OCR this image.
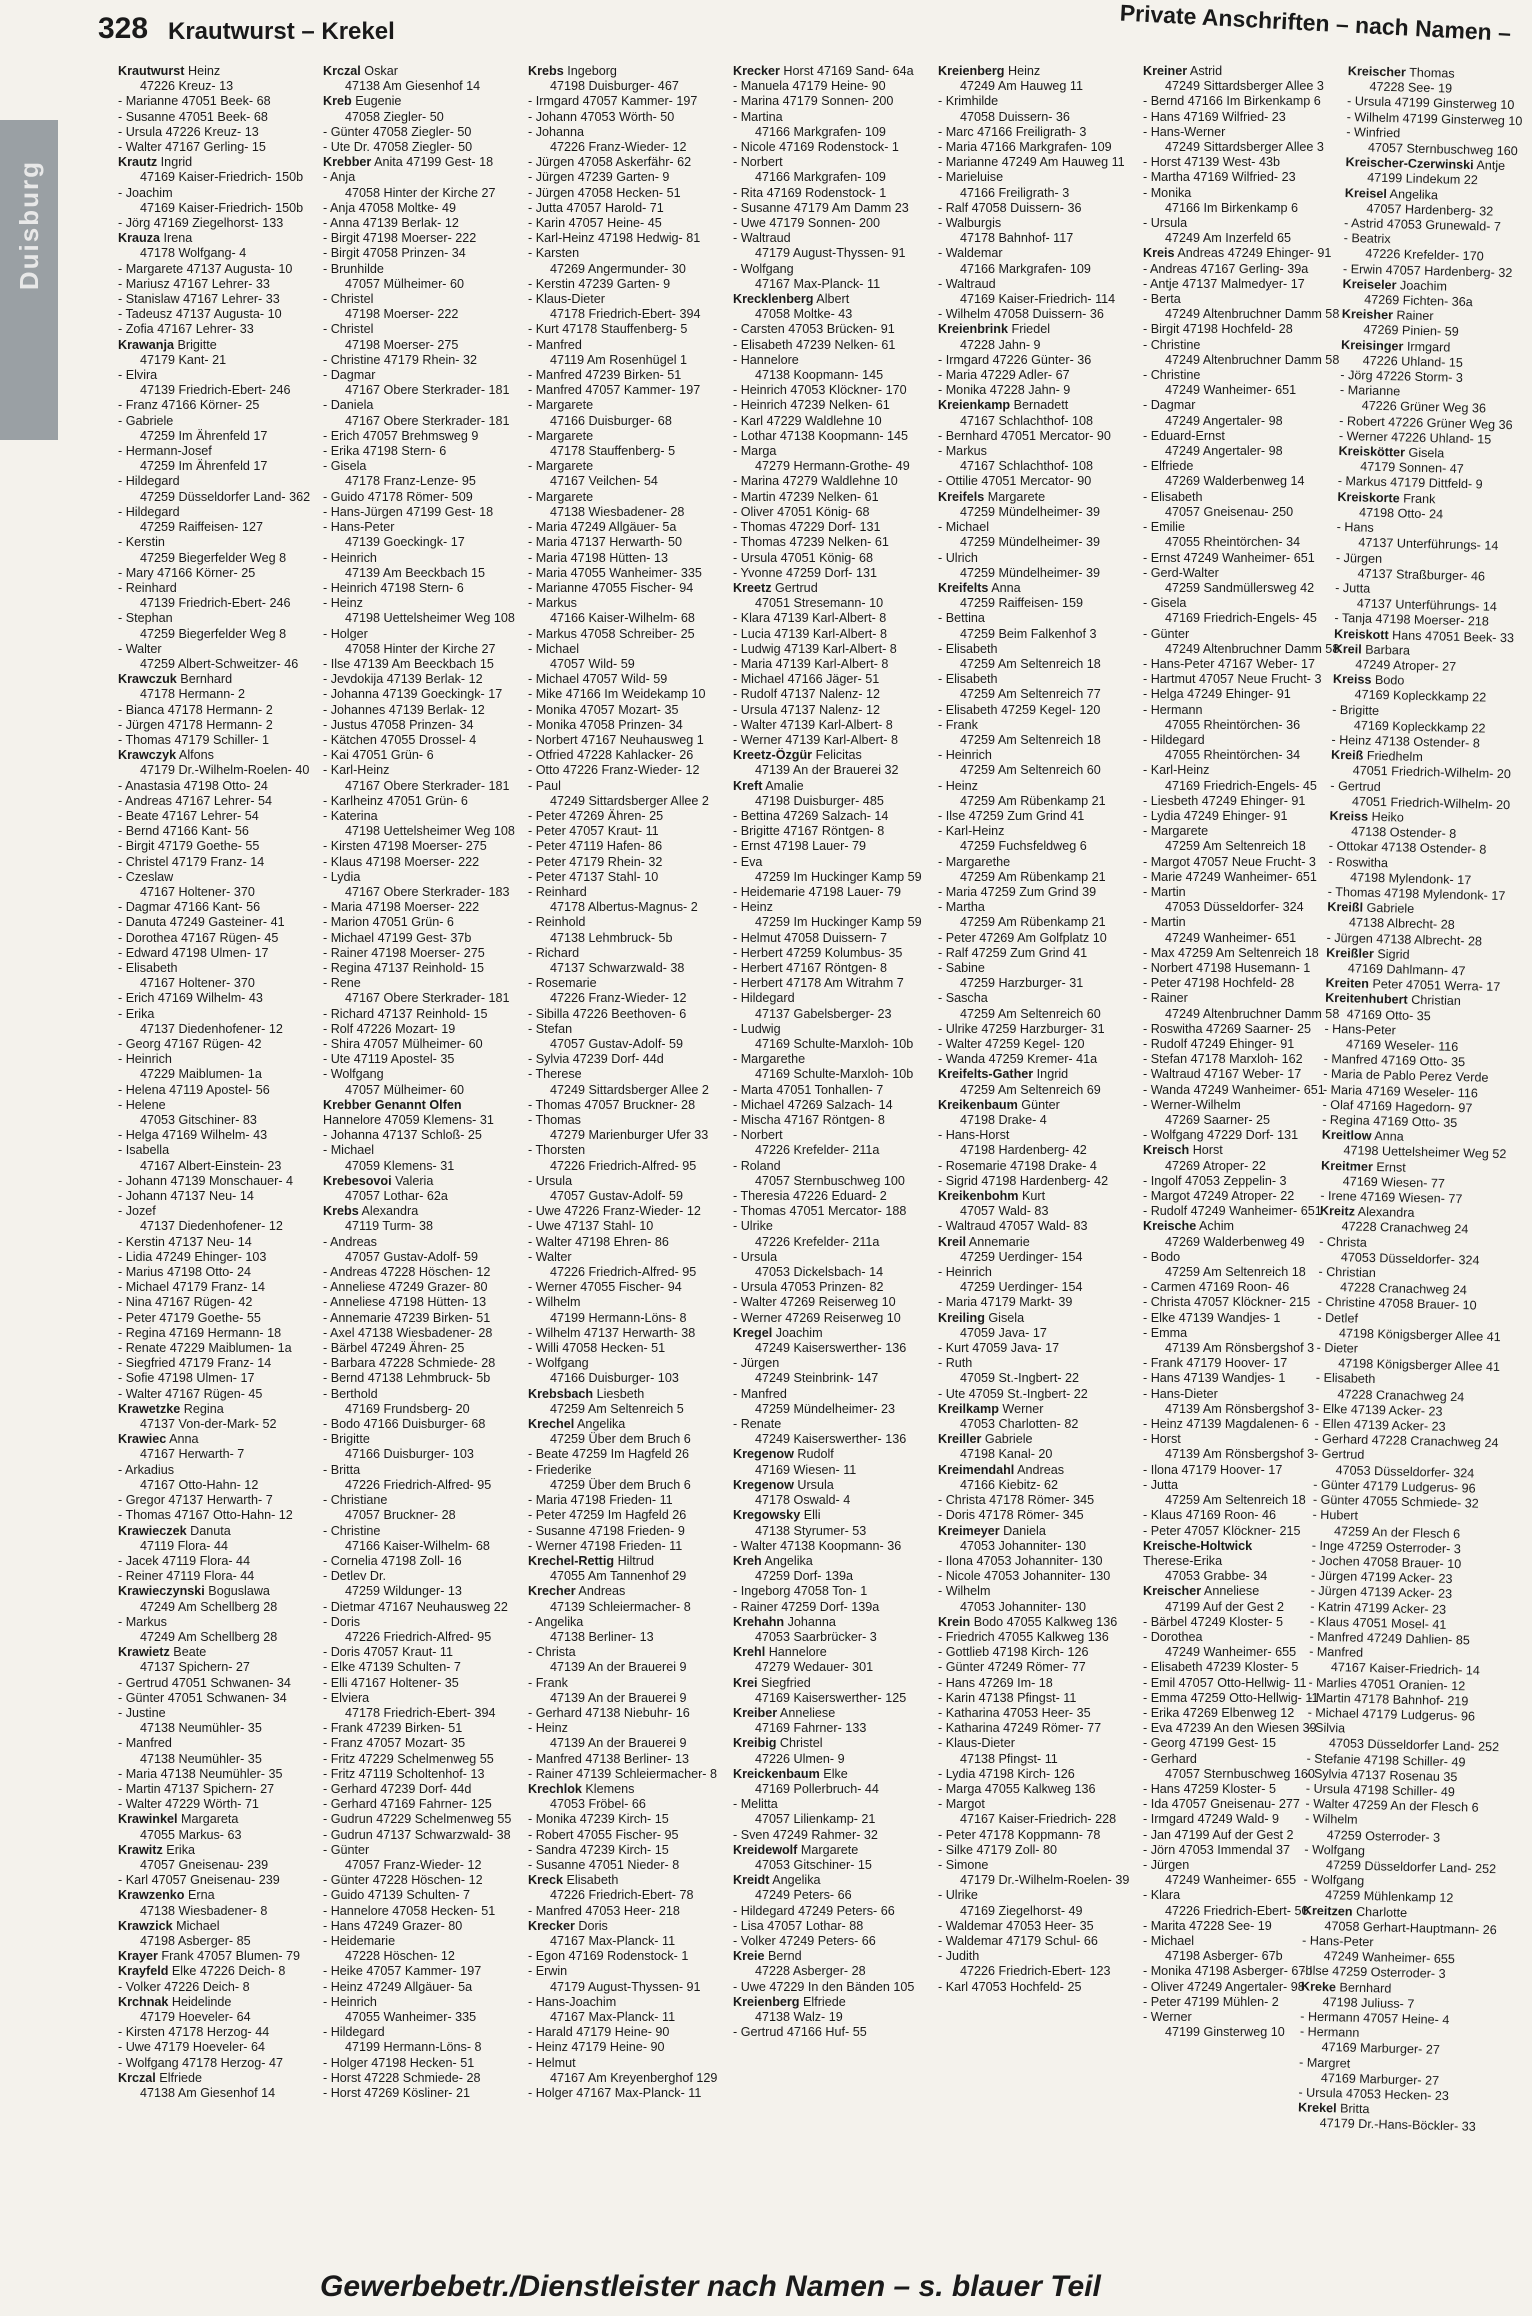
328 Krautwurst – Krekel	Private Anschriften – nach Namen –
Duisburg
Krautwurst Heinz
47226 Kreuz- 13
- Marianne 47051 Beek- 68
- Susanne 47051 Beek- 68
- Ursula 47226 Kreuz- 13
- Walter 47167 Gerling- 15
Krautz Ingrid
47169 Kaiser-Friedrich- 150b
- Joachim
47169 Kaiser-Friedrich- 150b
- Jörg 47169 Ziegelhorst- 133
Krauza Irena
47178 Wolfgang- 4
- Margarete 47137 Augusta- 10
- Mariusz 47167 Lehrer- 33
- Stanislaw 47167 Lehrer- 33
- Tadeusz 47137 Augusta- 10
- Zofia 47167 Lehrer- 33
Krawanja Brigitte
47179 Kant- 21
- Elvira
47139 Friedrich-Ebert- 246
- Franz 47166 Körner- 25
- Gabriele
47259 Im Ährenfeld 17
- Hermann-Josef
47259 Im Ährenfeld 17
- Hildegard
47259 Düsseldorfer Land- 362
- Hildegard
47259 Raiffeisen- 127
- Kerstin
47259 Biegerfelder Weg 8
- Mary 47166 Körner- 25
- Reinhard
47139 Friedrich-Ebert- 246
- Stephan
47259 Biegerfelder Weg 8
- Walter
47259 Albert-Schweitzer- 46
Krawczuk Bernhard
47178 Hermann- 2
- Bianca 47178 Hermann- 2
- Jürgen 47178 Hermann- 2
- Thomas 47179 Schiller- 1
Krawczyk Alfons
47179 Dr.-Wilhelm-Roelen- 40
- Anastasia 47198 Otto- 24
- Andreas 47167 Lehrer- 54
- Beate 47167 Lehrer- 54
- Bernd 47166 Kant- 56
- Birgit 47179 Goethe- 55
- Christel 47179 Franz- 14
- Czeslaw
47167 Holtener- 370
- Dagmar 47166 Kant- 56
- Danuta 47249 Gasteiner- 41
- Dorothea 47167 Rügen- 45
- Edward 47198 Ulmen- 17
- Elisabeth
47167 Holtener- 370
- Erich 47169 Wilhelm- 43
- Erika
47137 Diedenhofener- 12
- Georg 47167 Rügen- 42
- Heinrich
47229 Maiblumen- 1a
- Helena 47119 Apostel- 56
- Helene
47053 Gitschiner- 83
- Helga 47169 Wilhelm- 43
- Isabella
47167 Albert-Einstein- 23
- Johann 47139 Monschauer- 4
- Johann 47137 Neu- 14
- Jozef
47137 Diedenhofener- 12
- Kerstin 47137 Neu- 14
- Lidia 47249 Ehinger- 103
- Marius 47198 Otto- 24
- Michael 47179 Franz- 14
- Nina 47167 Rügen- 42
- Peter 47179 Goethe- 55
- Regina 47169 Hermann- 18
- Renate 47229 Maiblumen- 1a
- Siegfried 47179 Franz- 14
- Sofie 47198 Ulmen- 17
- Walter 47167 Rügen- 45
Krawetzke Regina
47137 Von-der-Mark- 52
Krawiec Anna
47167 Herwarth- 7
- Arkadius
47167 Otto-Hahn- 12
- Gregor 47137 Herwarth- 7
- Thomas 47167 Otto-Hahn- 12
Krawieczek Danuta
47119 Flora- 44
- Jacek 47119 Flora- 44
- Reiner 47119 Flora- 44
Krawieczynski Boguslawa
47249 Am Schellberg 28
- Markus
47249 Am Schellberg 28
Krawietz Beate
47137 Spichern- 27
- Gertrud 47051 Schwanen- 34
- Günter 47051 Schwanen- 34
- Justine
47138 Neumühler- 35
- Manfred
47138 Neumühler- 35
- Maria 47138 Neumühler- 35
- Martin 47137 Spichern- 27
- Walter 47229 Wörth- 71
Krawinkel Margareta
47055 Markus- 63
Krawitz Erika
47057 Gneisenau- 239
- Karl 47057 Gneisenau- 239
Krawzenko Erna
47138 Wiesbadener- 8
Krawzick Michael
47198 Asberger- 85
Krayer Frank 47057 Blumen- 79
Krayfeld Elke 47226 Deich- 8
- Volker 47226 Deich- 8
Krchnak Heidelinde
47179 Hoeveler- 64
- Kirsten 47178 Herzog- 44
- Uwe 47179 Hoeveler- 64
- Wolfgang 47178 Herzog- 47
Krczal Elfriede
47138 Am Giesenhof 14
Krczal Oskar
47138 Am Giesenhof 14
Kreb Eugenie
47058 Ziegler- 50
- Günter 47058 Ziegler- 50
- Ute Dr. 47058 Ziegler- 50
Krebber Anita 47199 Gest- 18
- Anja
47058 Hinter der Kirche 27
- Anja 47058 Moltke- 49
- Anna 47139 Berlak- 12
- Birgit 47198 Moerser- 222
- Birgit 47058 Prinzen- 34
- Brunhilde
47057 Mülheimer- 60
- Christel
47198 Moerser- 222
- Christel
47198 Moerser- 275
- Christine 47179 Rhein- 32
- Dagmar
47167 Obere Sterkrader- 181
- Daniela
47167 Obere Sterkrader- 181
- Erich 47057 Brehmsweg 9
- Erika 47198 Stern- 6
- Gisela
47178 Franz-Lenze- 95
- Guido 47178 Römer- 509
- Hans-Jürgen 47199 Gest- 18
- Hans-Peter
47139 Goeckingk- 17
- Heinrich
47139 Am Beeckbach 15
- Heinrich 47198 Stern- 6
- Heinz
47198 Uettelsheimer Weg 108
- Holger
47058 Hinter der Kirche 27
- Ilse 47139 Am Beeckbach 15
- Jevdokija 47139 Berlak- 12
- Johanna 47139 Goeckingk- 17
- Johannes 47139 Berlak- 12
- Justus 47058 Prinzen- 34
- Kätchen 47055 Drossel- 4
- Kai 47051 Grün- 6
- Karl-Heinz
47167 Obere Sterkrader- 181
- Karlheinz 47051 Grün- 6
- Katerina
47198 Uettelsheimer Weg 108
- Kirsten 47198 Moerser- 275
- Klaus 47198 Moerser- 222
- Lydia
47167 Obere Sterkrader- 183
- Maria 47198 Moerser- 222
- Marion 47051 Grün- 6
- Michael 47199 Gest- 37b
- Rainer 47198 Moerser- 275
- Regina 47137 Reinhold- 15
- Rene
47167 Obere Sterkrader- 181
- Richard 47137 Reinhold- 15
- Rolf 47226 Mozart- 19
- Shira 47057 Mülheimer- 60
- Ute 47119 Apostel- 35
- Wolfgang
47057 Mülheimer- 60
Krebber Genannt Olfen
Hannelore 47059 Klemens- 31
- Johanna 47137 Schloß- 25
- Michael
47059 Klemens- 31
Krebesovoi Valeria
47057 Lothar- 62a
Krebs Alexandra
47119 Turm- 38
- Andreas
47057 Gustav-Adolf- 59
- Andreas 47228 Höschen- 12
- Anneliese 47249 Grazer- 80
- Anneliese 47198 Hütten- 13
- Annemarie 47239 Birken- 51
- Axel 47138 Wiesbadener- 28
- Bärbel 47249 Ähren- 25
- Barbara 47228 Schmiede- 28
- Bernd 47138 Lehmbruck- 5b
- Berthold
47169 Frundsberg- 20
- Bodo 47166 Duisburger- 68
- Brigitte
47166 Duisburger- 103
- Britta
47226 Friedrich-Alfred- 95
- Christiane
47057 Bruckner- 28
- Christine
47166 Kaiser-Wilhelm- 68
- Cornelia 47198 Zoll- 16
- Detlev Dr.
47259 Wildunger- 13
- Dietmar 47167 Neuhausweg 22
- Doris
47226 Friedrich-Alfred- 95
- Doris 47057 Kraut- 11
- Elke 47139 Schulten- 7
- Elli 47167 Holtener- 35
- Elviera
47178 Friedrich-Ebert- 394
- Frank 47239 Birken- 51
- Franz 47057 Mozart- 35
- Fritz 47229 Schelmenweg 55
- Fritz 47119 Scholtenhof- 13
- Gerhard 47239 Dorf- 44d
- Gerhard 47169 Fahrner- 125
- Gudrun 47229 Schelmenweg 55
- Gudrun 47137 Schwarzwald- 38
- Günter
47057 Franz-Wieder- 12
- Günter 47228 Höschen- 12
- Guido 47139 Schulten- 7
- Hannelore 47058 Hecken- 51
- Hans 47249 Grazer- 80
- Heidemarie
47228 Höschen- 12
- Heike 47057 Kammer- 197
- Heinz 47249 Allgäuer- 5a
- Heinrich
47055 Wanheimer- 335
- Hildegard
47199 Hermann-Löns- 8
- Holger 47198 Hecken- 51
- Horst 47228 Schmiede- 28
- Horst 47269 Kösliner- 21
Krebs Ingeborg
47198 Duisburger- 467
- Irmgard 47057 Kammer- 197
- Johann 47053 Wörth- 50
- Johanna
47226 Franz-Wieder- 12
- Jürgen 47058 Askerfähr- 62
- Jürgen 47239 Garten- 9
- Jürgen 47058 Hecken- 51
- Jutta 47057 Harold- 71
- Karin 47057 Heine- 45
- Karl-Heinz 47198 Hedwig- 81
- Karsten
47269 Angermunder- 30
- Kerstin 47239 Garten- 9
- Klaus-Dieter
47178 Friedrich-Ebert- 394
- Kurt 47178 Stauffenberg- 5
- Manfred
47119 Am Rosenhügel 1
- Manfred 47239 Birken- 51
- Manfred 47057 Kammer- 197
- Margarete
47166 Duisburger- 68
- Margarete
47178 Stauffenberg- 5
- Margarete
47167 Veilchen- 54
- Margarete
47138 Wiesbadener- 28
- Maria 47249 Allgäuer- 5a
- Maria 47137 Herwarth- 50
- Maria 47198 Hütten- 13
- Maria 47055 Wanheimer- 335
- Marianne 47055 Fischer- 94
- Markus
47166 Kaiser-Wilhelm- 68
- Markus 47058 Schreiber- 25
- Michael
47057 Wild- 59
- Michael 47057 Wild- 59
- Mike 47166 Im Weidekamp 10
- Monika 47057 Mozart- 35
- Monika 47058 Prinzen- 34
- Norbert 47167 Neuhausweg 1
- Otfried 47228 Kahlacker- 26
- Otto 47226 Franz-Wieder- 12
- Paul
47249 Sittardsberger Allee 2
- Peter 47269 Ähren- 25
- Peter 47057 Kraut- 11
- Peter 47119 Hafen- 86
- Peter 47179 Rhein- 32
- Peter 47137 Stahl- 10
- Reinhard
47178 Albertus-Magnus- 2
- Reinhold
47138 Lehmbruck- 5b
- Richard
47137 Schwarzwald- 38
- Rosemarie
47226 Franz-Wieder- 12
- Sibilla 47226 Beethoven- 6
- Stefan
47057 Gustav-Adolf- 59
- Sylvia 47239 Dorf- 44d
- Therese
47249 Sittardsberger Allee 2
- Thomas 47057 Bruckner- 28
- Thomas
47279 Marienburger Ufer 33
- Thorsten
47226 Friedrich-Alfred- 95
- Ursula
47057 Gustav-Adolf- 59
- Uwe 47226 Franz-Wieder- 12
- Uwe 47137 Stahl- 10
- Walter 47198 Ehren- 86
- Walter
47226 Friedrich-Alfred- 95
- Werner 47055 Fischer- 94
- Wilhelm
47199 Hermann-Löns- 8
- Wilhelm 47137 Herwarth- 38
- Willi 47058 Hecken- 51
- Wolfgang
47166 Duisburger- 103
Krebsbach Liesbeth
47259 Am Seltenreich 5
Krechel Angelika
47259 Über dem Bruch 6
- Beate 47259 Im Hagfeld 26
- Friederike
47259 Über dem Bruch 6
- Maria 47198 Frieden- 11
- Peter 47259 Im Hagfeld 26
- Susanne 47198 Frieden- 9
- Werner 47198 Frieden- 11
Krechel-Rettig Hiltrud
47055 Am Tannenhof 29
Krecher Andreas
47139 Schleiermacher- 8
- Angelika
47138 Berliner- 13
- Christa
47139 An der Brauerei 9
- Frank
47139 An der Brauerei 9
- Gerhard 47138 Niebuhr- 16
- Heinz
47139 An der Brauerei 9
- Manfred 47138 Berliner- 13
- Rainer 47139 Schleiermacher- 8
Krechlok Klemens
47053 Fröbel- 66
- Monika 47239 Kirch- 15
- Robert 47055 Fischer- 95
- Sandra 47239 Kirch- 15
- Susanne 47051 Nieder- 8
Kreck Elisabeth
47226 Friedrich-Ebert- 78
- Manfred 47053 Heer- 218
Krecker Doris
47167 Max-Planck- 11
- Egon 47169 Rodenstock- 1
- Erwin
47179 August-Thyssen- 91
- Hans-Joachim
47167 Max-Planck- 11
- Harald 47179 Heine- 90
- Heinz 47179 Heine- 90
- Helmut
47167 Am Kreyenberghof 129
- Holger 47167 Max-Planck- 11
Krecker Horst 47169 Sand- 64a
- Manuela 47179 Heine- 90
- Marina 47179 Sonnen- 200
- Martina
47166 Markgrafen- 109
- Nicole 47169 Rodenstock- 1
- Norbert
47166 Markgrafen- 109
- Rita 47169 Rodenstock- 1
- Susanne 47179 Am Damm 23
- Uwe 47179 Sonnen- 200
- Waltraud
47179 August-Thyssen- 91
- Wolfgang
47167 Max-Planck- 11
Krecklenberg Albert
47058 Moltke- 43
- Carsten 47053 Brücken- 91
- Elisabeth 47239 Nelken- 61
- Hannelore
47138 Koopmann- 145
- Heinrich 47053 Klöckner- 170
- Heinrich 47239 Nelken- 61
- Karl 47229 Waldlehne 10
- Lothar 47138 Koopmann- 145
- Marga
47279 Hermann-Grothe- 49
- Marina 47279 Waldlehne 10
- Martin 47239 Nelken- 61
- Oliver 47051 König- 68
- Thomas 47229 Dorf- 131
- Thomas 47239 Nelken- 61
- Ursula 47051 König- 68
- Yvonne 47259 Dorf- 131
Kreetz Gertrud
47051 Stresemann- 10
- Klara 47139 Karl-Albert- 8
- Lucia 47139 Karl-Albert- 8
- Ludwig 47139 Karl-Albert- 8
- Maria 47139 Karl-Albert- 8
- Michael 47166 Jäger- 51
- Rudolf 47137 Nalenz- 12
- Ursula 47137 Nalenz- 12
- Walter 47139 Karl-Albert- 8
- Werner 47139 Karl-Albert- 8
Kreetz-Özgür Felicitas
47139 An der Brauerei 32
Kreft Amalie
47198 Duisburger- 485
- Bettina 47269 Salzach- 14
- Brigitte 47167 Röntgen- 8
- Ernst 47198 Lauer- 79
- Eva
47259 Im Huckinger Kamp 59
- Heidemarie 47198 Lauer- 79
- Heinz
47259 Im Huckinger Kamp 59
- Helmut 47058 Duissern- 7
- Herbert 47259 Kolumbus- 35
- Herbert 47167 Röntgen- 8
- Herbert 47178 Am Witrahm 7
- Hildegard
47137 Gabelsberger- 23
- Ludwig
47169 Schulte-Marxloh- 10b
- Margarethe
47169 Schulte-Marxloh- 10b
- Marta 47051 Tonhallen- 7
- Michael 47269 Salzach- 14
- Mischa 47167 Röntgen- 8
- Norbert
47226 Krefelder- 211a
- Roland
47057 Sternbuschweg 100
- Theresia 47226 Eduard- 2
- Thomas 47051 Mercator- 188
- Ulrike
47226 Krefelder- 211a
- Ursula
47053 Dickelsbach- 14
- Ursula 47053 Prinzen- 82
- Walter 47269 Reiserweg 10
- Werner 47269 Reiserweg 10
Kregel Joachim
47249 Kaiserswerther- 136
- Jürgen
47249 Steinbrink- 147
- Manfred
47259 Mündelheimer- 23
- Renate
47249 Kaiserswerther- 136
Kregenow Rudolf
47169 Wiesen- 11
Kregenow Ursula
47178 Oswald- 4
Kregowsky Elli
47138 Styrumer- 53
- Walter 47138 Koopmann- 36
Kreh Angelika
47259 Dorf- 139a
- Ingeborg 47058 Ton- 1
- Rainer 47259 Dorf- 139a
Krehahn Johanna
47053 Saarbrücker- 3
Krehl Hannelore
47279 Wedauer- 301
Krei Siegfried
47169 Kaiserswerther- 125
Kreiber Anneliese
47169 Fahrner- 133
Kreibig Christel
47226 Ulmen- 9
Kreickenbaum Elke
47169 Pollerbruch- 44
- Melitta
47057 Lilienkamp- 21
- Sven 47249 Rahmer- 32
Kreidewolf Margarete
47053 Gitschiner- 15
Kreidt Angelika
47249 Peters- 66
- Hildegard 47249 Peters- 66
- Lisa 47057 Lothar- 88
- Volker 47249 Peters- 66
Kreie Bernd
47228 Asberger- 28
- Uwe 47229 In den Bänden 105
Kreienberg Elfriede
47138 Walz- 19
- Gertrud 47166 Huf- 55
Kreienberg Heinz
47249 Am Hauweg 11
- Krimhilde
47058 Duissern- 36
- Marc 47166 Freiligrath- 3
- Maria 47166 Markgrafen- 109
- Marianne 47249 Am Hauweg 11
- Marieluise
47166 Freiligrath- 3
- Ralf 47058 Duissern- 36
- Walburgis
47178 Bahnhof- 117
- Waldemar
47166 Markgrafen- 109
- Waltraud
47169 Kaiser-Friedrich- 114
- Wilhelm 47058 Duissern- 36
Kreienbrink Friedel
47228 Jahn- 9
- Irmgard 47226 Günter- 36
- Maria 47229 Adler- 67
- Monika 47228 Jahn- 9
Kreienkamp Bernadett
47167 Schlachthof- 108
- Bernhard 47051 Mercator- 90
- Markus
47167 Schlachthof- 108
- Ottilie 47051 Mercator- 90
Kreifels Margarete
47259 Mündelheimer- 39
- Michael
47259 Mündelheimer- 39
- Ulrich
47259 Mündelheimer- 39
Kreifelts Anna
47259 Raiffeisen- 159
- Bettina
47259 Beim Falkenhof 3
- Elisabeth
47259 Am Seltenreich 18
- Elisabeth
47259 Am Seltenreich 77
- Elisabeth 47259 Kegel- 120
- Frank
47259 Am Seltenreich 18
- Heinrich
47259 Am Seltenreich 60
- Heinz
47259 Am Rübenkamp 21
- Ilse 47259 Zum Grind 41
- Karl-Heinz
47259 Fuchsfeldweg 6
- Margarethe
47259 Am Rübenkamp 21
- Maria 47259 Zum Grind 39
- Martha
47259 Am Rübenkamp 21
- Peter 47269 Am Golfplatz 10
- Ralf 47259 Zum Grind 41
- Sabine
47259 Harzburger- 31
- Sascha
47259 Am Seltenreich 60
- Ulrike 47259 Harzburger- 31
- Walter 47259 Kegel- 120
- Wanda 47259 Kremer- 41a
Kreifelts-Gather Ingrid
47259 Am Seltenreich 69
Kreikenbaum Günter
47198 Drake- 4
- Hans-Horst
47198 Hardenberg- 42
- Rosemarie 47198 Drake- 4
- Sigrid 47198 Hardenberg- 42
Kreikenbohm Kurt
47057 Wald- 83
- Waltraud 47057 Wald- 83
Kreil Annemarie
47259 Uerdinger- 154
- Heinrich
47259 Uerdinger- 154
- Maria 47179 Markt- 39
Kreiling Gisela
47059 Java- 17
- Kurt 47059 Java- 17
- Ruth
47059 St.-Ingbert- 22
- Ute 47059 St.-Ingbert- 22
Kreilkamp Werner
47053 Charlotten- 82
Kreiller Gabriele
47198 Kanal- 20
Kreimendahl Andreas
47166 Kiebitz- 62
- Christa 47178 Römer- 345
- Doris 47178 Römer- 345
Kreimeyer Daniela
47053 Johanniter- 130
- Ilona 47053 Johanniter- 130
- Nicole 47053 Johanniter- 130
- Wilhelm
47053 Johanniter- 130
Krein Bodo 47055 Kalkweg 136
- Friedrich 47055 Kalkweg 136
- Gottlieb 47198 Kirch- 126
- Günter 47249 Römer- 77
- Hans 47269 Im- 18
- Karin 47138 Pfingst- 11
- Katharina 47053 Heer- 35
- Katharina 47249 Römer- 77
- Klaus-Dieter
47138 Pfingst- 11
- Lydia 47198 Kirch- 126
- Marga 47055 Kalkweg 136
- Margot
47167 Kaiser-Friedrich- 228
- Peter 47178 Koppmann- 78
- Silke 47179 Zoll- 80
- Simone
47179 Dr.-Wilhelm-Roelen- 39
- Ulrike
47169 Ziegelhorst- 49
- Waldemar 47053 Heer- 35
- Waldemar 47179 Schul- 66
- Judith
47226 Friedrich-Ebert- 123
- Karl 47053 Hochfeld- 25
Kreiner Astrid
47249 Sittardsberger Allee 3
- Bernd 47166 Im Birkenkamp 6
- Hans 47169 Wilfried- 23
- Hans-Werner
47249 Sittardsberger Allee 3
- Horst 47139 West- 43b
- Martha 47169 Wilfried- 23
- Monika
47166 Im Birkenkamp 6
- Ursula
47249 Am Inzerfeld 65
Kreis Andreas 47249 Ehinger- 91
- Andreas 47167 Gerling- 39a
- Antje 47137 Malmedyer- 17
- Berta
47249 Altenbruchner Damm 58
- Birgit 47198 Hochfeld- 28
- Christine
47249 Altenbruchner Damm 58
- Christine
47249 Wanheimer- 651
- Dagmar
47249 Angertaler- 98
- Eduard-Ernst
47249 Angertaler- 98
- Elfriede
47269 Walderbenweg 14
- Elisabeth
47057 Gneisenau- 250
- Emilie
47055 Rheintörchen- 34
- Ernst 47249 Wanheimer- 651
- Gerd-Walter
47259 Sandmüllersweg 42
- Gisela
47169 Friedrich-Engels- 45
- Günter
47249 Altenbruchner Damm 58
- Hans-Peter 47167 Weber- 17
- Hartmut 47057 Neue Frucht- 3
- Helga 47249 Ehinger- 91
- Hermann
47055 Rheintörchen- 36
- Hildegard
47055 Rheintörchen- 34
- Karl-Heinz
47169 Friedrich-Engels- 45
- Liesbeth 47249 Ehinger- 91
- Lydia 47249 Ehinger- 91
- Margarete
47259 Am Seltenreich 18
- Margot 47057 Neue Frucht- 3
- Marie 47249 Wanheimer- 651
- Martin
47053 Düsseldorfer- 324
- Martin
47249 Wanheimer- 651
- Max 47259 Am Seltenreich 18
- Norbert 47198 Husemann- 1
- Peter 47198 Hochfeld- 28
- Rainer
47249 Altenbruchner Damm 58
- Roswitha 47269 Saarner- 25
- Rudolf 47249 Ehinger- 91
- Stefan 47178 Marxloh- 162
- Waltraud 47167 Weber- 17
- Wanda 47249 Wanheimer- 651
- Werner-Wilhelm
47269 Saarner- 25
- Wolfgang 47229 Dorf- 131
Kreisch Horst
47269 Atroper- 22
- Ingolf 47053 Zeppelin- 3
- Margot 47249 Atroper- 22
- Rudolf 47249 Wanheimer- 651
Kreische Achim
47269 Walderbenweg 49
- Bodo
47259 Am Seltenreich 18
- Carmen 47169 Roon- 46
- Christa 47057 Klöckner- 215
- Elke 47139 Wandjes- 1
- Emma
47139 Am Rönsbergshof 3
- Frank 47179 Hoover- 17
- Hans 47139 Wandjes- 1
- Hans-Dieter
47139 Am Rönsbergshof 3
- Heinz 47139 Magdalenen- 6
- Horst
47139 Am Rönsbergshof 3
- Ilona 47179 Hoover- 17
- Jutta
47259 Am Seltenreich 18
- Klaus 47169 Roon- 46
- Peter 47057 Klöckner- 215
Kreische-Holtwick
Therese-Erika
47053 Grabbe- 34
Kreischer Anneliese
47199 Auf der Gest 2
- Bärbel 47249 Kloster- 5
- Dorothea
47249 Wanheimer- 655
- Elisabeth 47239 Kloster- 5
- Emil 47057 Otto-Hellwig- 11
- Emma 47259 Otto-Hellwig- 11
- Erika 47269 Elbenweg 12
- Eva 47239 An den Wiesen 39
- Georg 47199 Gest- 15
- Gerhard
47057 Sternbuschweg 160
- Hans 47259 Kloster- 5
- Ida 47057 Gneisenau- 277
- Irmgard 47249 Wald- 9
- Jan 47199 Auf der Gest 2
- Jörn 47053 Immendal 37
- Jürgen
47249 Wanheimer- 655
- Klara
47226 Friedrich-Ebert- 50
- Marita 47228 See- 19
- Michael
47198 Asberger- 67b
- Monika 47198 Asberger- 67b
- Oliver 47249 Angertaler- 98
- Peter 47199 Mühlen- 2
- Werner
47199 Ginsterweg 10
Kreischer Thomas
47228 See- 19
- Ursula 47199 Ginsterweg 10
- Wilhelm 47199 Ginsterweg 10
- Winfried
47057 Sternbuschweg 160
Kreischer-Czerwinski Antje
47199 Lindekum 22
Kreisel Angelika
47057 Hardenberg- 32
- Astrid 47053 Grunewald- 7
- Beatrix
47226 Krefelder- 170
- Erwin 47057 Hardenberg- 32
Kreiseler Joachim
47269 Fichten- 36a
Kreisher Rainer
47269 Pinien- 59
Kreisinger Irmgard
47226 Uhland- 15
- Jörg 47226 Storm- 3
- Marianne
47226 Grüner Weg 36
- Robert 47226 Grüner Weg 36
- Werner 47226 Uhland- 15
Kreiskötter Gisela
47179 Sonnen- 47
- Markus 47179 Dittfeld- 9
Kreiskorte Frank
47198 Otto- 24
- Hans
47137 Unterführungs- 14
- Jürgen
47137 Straßburger- 46
- Jutta
47137 Unterführungs- 14
- Tanja 47198 Moerser- 218
Kreiskott Hans 47051 Beek- 33
Kreil Barbara
47249 Atroper- 27
Kreiss Bodo
47169 Kopleckkamp 22
- Brigitte
47169 Kopleckkamp 22
- Heinz 47138 Ostender- 8
Kreiß Friedhelm
47051 Friedrich-Wilhelm- 20
- Gertrud
47051 Friedrich-Wilhelm- 20
Kreiss Heiko
47138 Ostender- 8
- Ottokar 47138 Ostender- 8
- Roswitha
47198 Mylendonk- 17
- Thomas 47198 Mylendonk- 17
Kreißl Gabriele
47138 Albrecht- 28
- Jürgen 47138 Albrecht- 28
Kreißler Sigrid
47169 Dahlmann- 47
Kreiten Peter 47051 Werra- 17
Kreitenhubert Christian
47169 Otto- 35
- Hans-Peter
47169 Weseler- 116
- Manfred 47169 Otto- 35
- Maria de Pablo Perez Verde
- Maria 47169 Weseler- 116
- Olaf 47169 Hagedorn- 97
- Regina 47169 Otto- 35
Kreitlow Anna
47198 Uettelsheimer Weg 52
Kreitmer Ernst
47169 Wiesen- 77
- Irene 47169 Wiesen- 77
Kreitz Alexandra
47228 Cranachweg 24
- Christa
47053 Düsseldorfer- 324
- Christian
47228 Cranachweg 24
- Christine 47058 Brauer- 10
- Detlef
47198 Königsberger Allee 41
- Dieter
47198 Königsberger Allee 41
- Elisabeth
47228 Cranachweg 24
- Elke 47139 Acker- 23
- Ellen 47139 Acker- 23
- Gerhard 47228 Cranachweg 24
- Gertrud
47053 Düsseldorfer- 324
- Günter 47179 Ludgerus- 96
- Günter 47055 Schmiede- 32
- Hubert
47259 An der Flesch 6
- Inge 47259 Osterroder- 3
- Jochen 47058 Brauer- 10
- Jürgen 47199 Acker- 23
- Jürgen 47139 Acker- 23
- Katrin 47199 Acker- 23
- Klaus 47051 Mosel- 41
- Manfred 47249 Dahlien- 85
- Manfred
47167 Kaiser-Friedrich- 14
- Marlies 47051 Oranien- 12
- Martin 47178 Bahnhof- 219
- Michael 47179 Ludgerus- 96
- Silvia
47053 Düsseldorfer Land- 252
- Stefanie 47198 Schiller- 49
- Sylvia 47137 Rosenau 35
- Ursula 47198 Schiller- 49
- Walter 47259 An der Flesch 6
- Wilhelm
47259 Osterroder- 3
- Wolfgang
47259 Düsseldorfer Land- 252
- Wolfgang
47259 Mühlenkamp 12
Kreitzen Charlotte
47058 Gerhart-Hauptmann- 26
- Hans-Peter
47249 Wanheimer- 655
- Ilse 47259 Osterroder- 3
Kreke Bernhard
47198 Juliuss- 7
- Hermann 47057 Heine- 4
- Hermann
47169 Marburger- 27
- Margret
47169 Marburger- 27
- Ursula 47053 Hecken- 23
Krekel Britta
47179 Dr.-Hans-Böckler- 33
Gewerbebetr./Dienstleister nach Namen – s. blauer Teil
